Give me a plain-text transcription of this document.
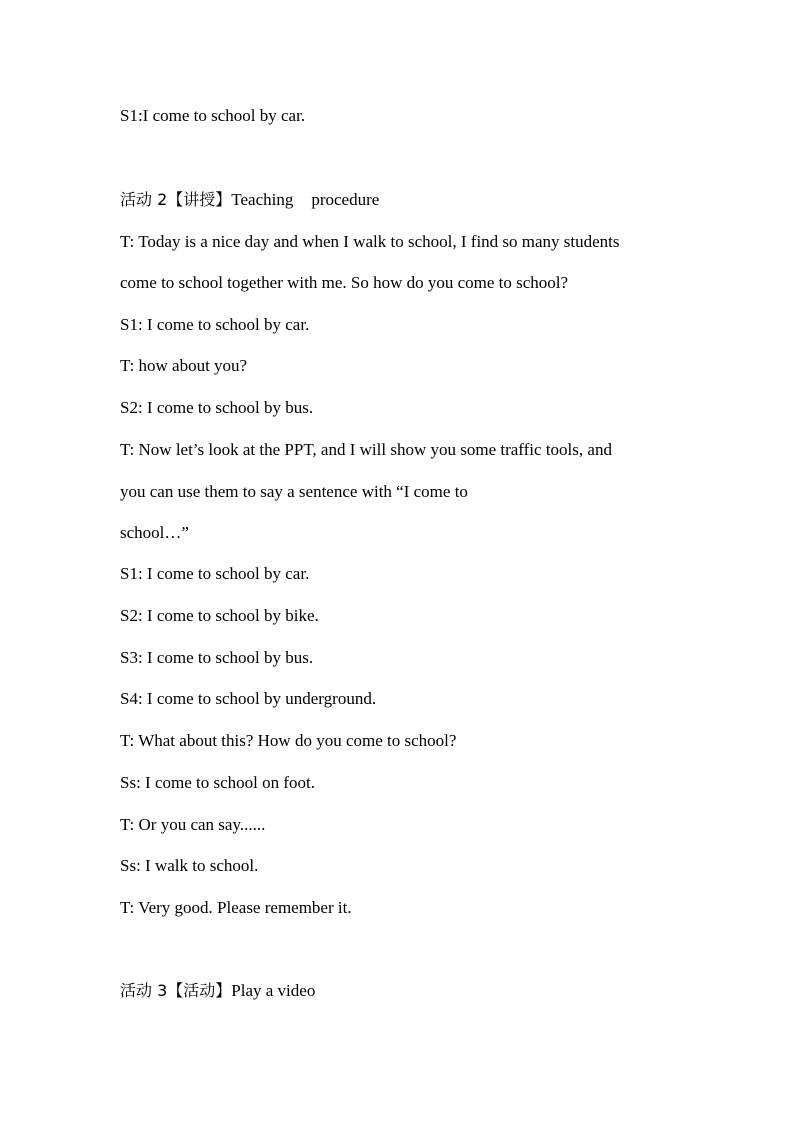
S1:I come to school by car.
活动 2【讲授】Teaching procedure
T: Today is a nice day and when I walk to school, I find so many students
come to school together with me. So how do you come to school?
S1: I come to school by car.
T: how about you?
S2: I come to school by bus.
T: Now let’s look at the PPT, and I will show you some traffic tools, and
you can use them to say a sentence with “I come to
school…”
S1: I come to school by car.
S2: I come to school by bike.
S3: I come to school by bus.
S4: I come to school by underground.
T: What about this? How do you come to school?
Ss: I come to school on foot.
T: Or you can say......
Ss: I walk to school.
T: Very good. Please remember it.
活动 3【活动】Play a video
